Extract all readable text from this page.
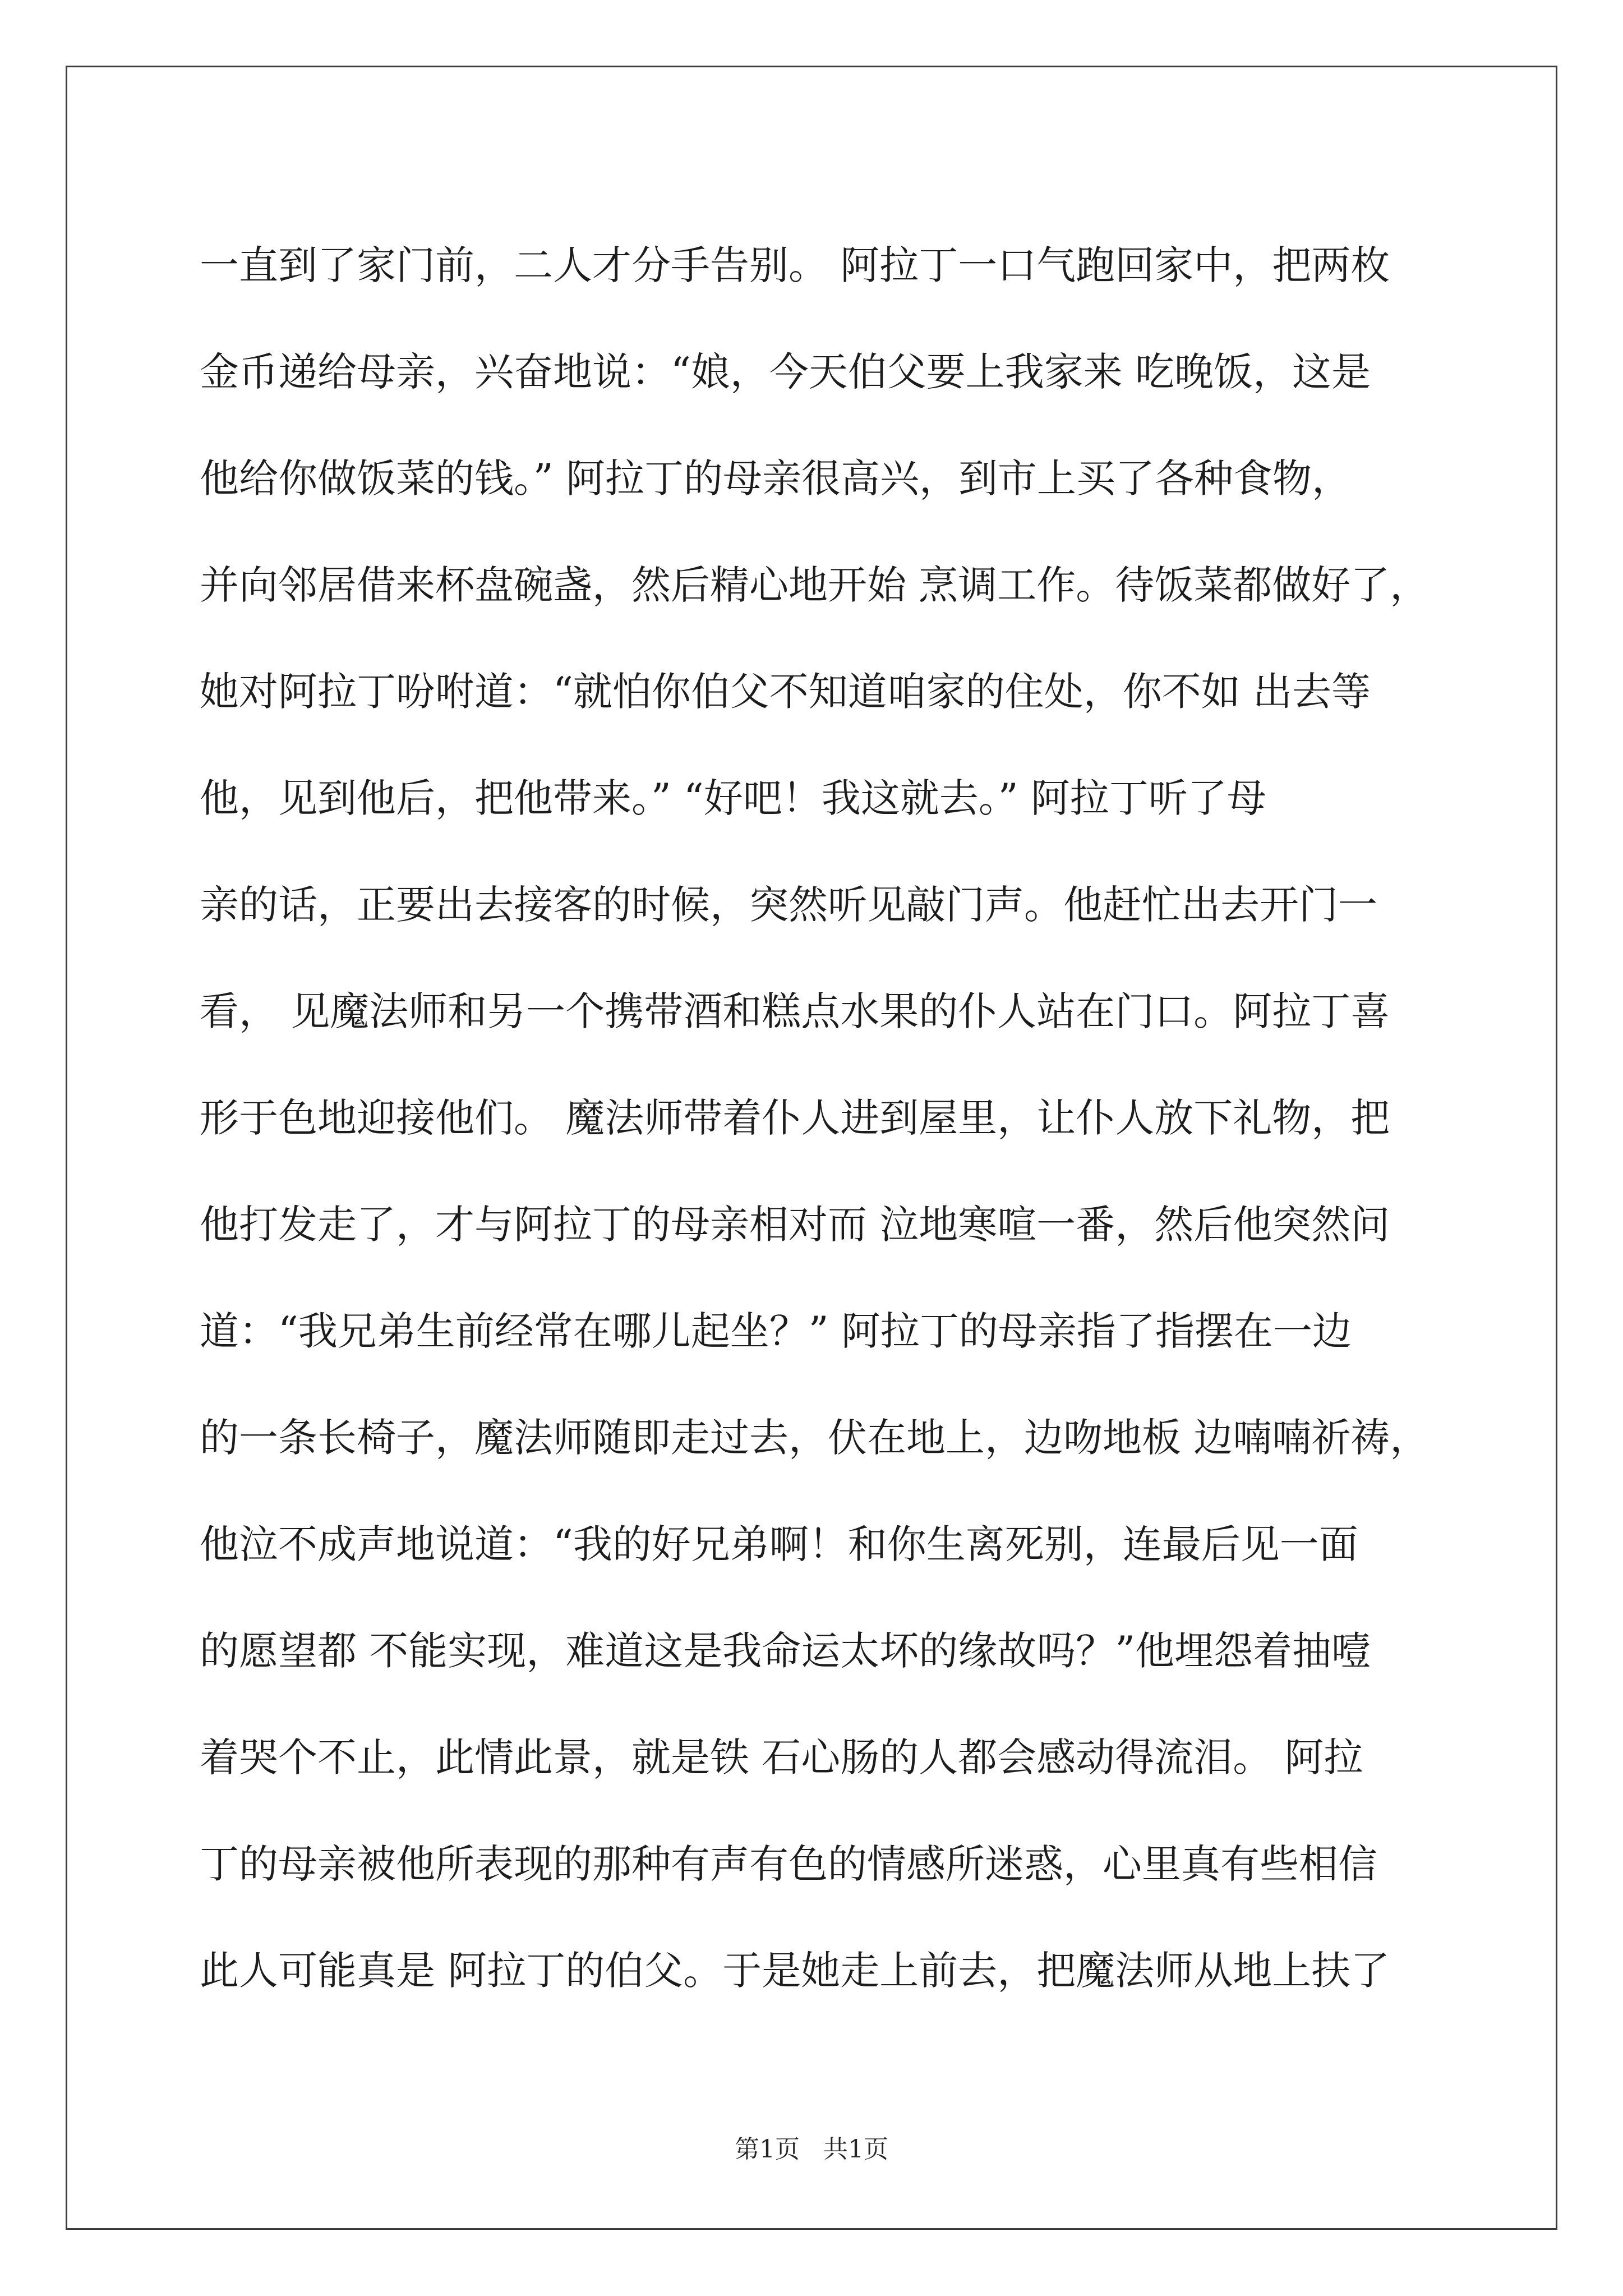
一直到了家门前，二人才分手告别。 阿拉丁一口气跑回家中，把两枚
金币递给母亲，兴奋地说：“娘，今天伯父要上我家来 吃晚饭，这是
他给你做饭菜的钱。” 阿拉丁的母亲很高兴，到市上买了各种食物，
并向邻居借来杯盘碗盏，然后精心地开始 烹调工作。待饭菜都做好了，
她对阿拉丁吩咐道：“就怕你伯父不知道咱家的住处，你不如 出去等
他，见到他后，把他带来。” “好吧！我这就去。” 阿拉丁听了母
亲的话，正要出去接客的时候，突然听见敲门声。他赶忙出去开门一
看， 见魔法师和另一个携带酒和糕点水果的仆人站在门口。阿拉丁喜
形于色地迎接他们。 魔法师带着仆人进到屋里，让仆人放下礼物，把
他打发走了，才与阿拉丁的母亲相对而 泣地寒喧一番，然后他突然问
道：“我兄弟生前经常在哪儿起坐？” 阿拉丁的母亲指了指摆在一边
的一条长椅子，魔法师随即走过去，伏在地上，边吻地板 边喃喃祈祷，
他泣不成声地说道：“我的好兄弟啊！和你生离死别，连最后见一面
的愿望都 不能实现，难道这是我命运太坏的缘故吗？”他埋怨着抽噎
着哭个不止，此情此景，就是铁 石心肠的人都会感动得流泪。 阿拉
丁的母亲被他所表现的那种有声有色的情感所迷惑，心里真有些相信
此人可能真是 阿拉丁的伯父。于是她走上前去，把魔法师从地上扶了
第1页   共1页
